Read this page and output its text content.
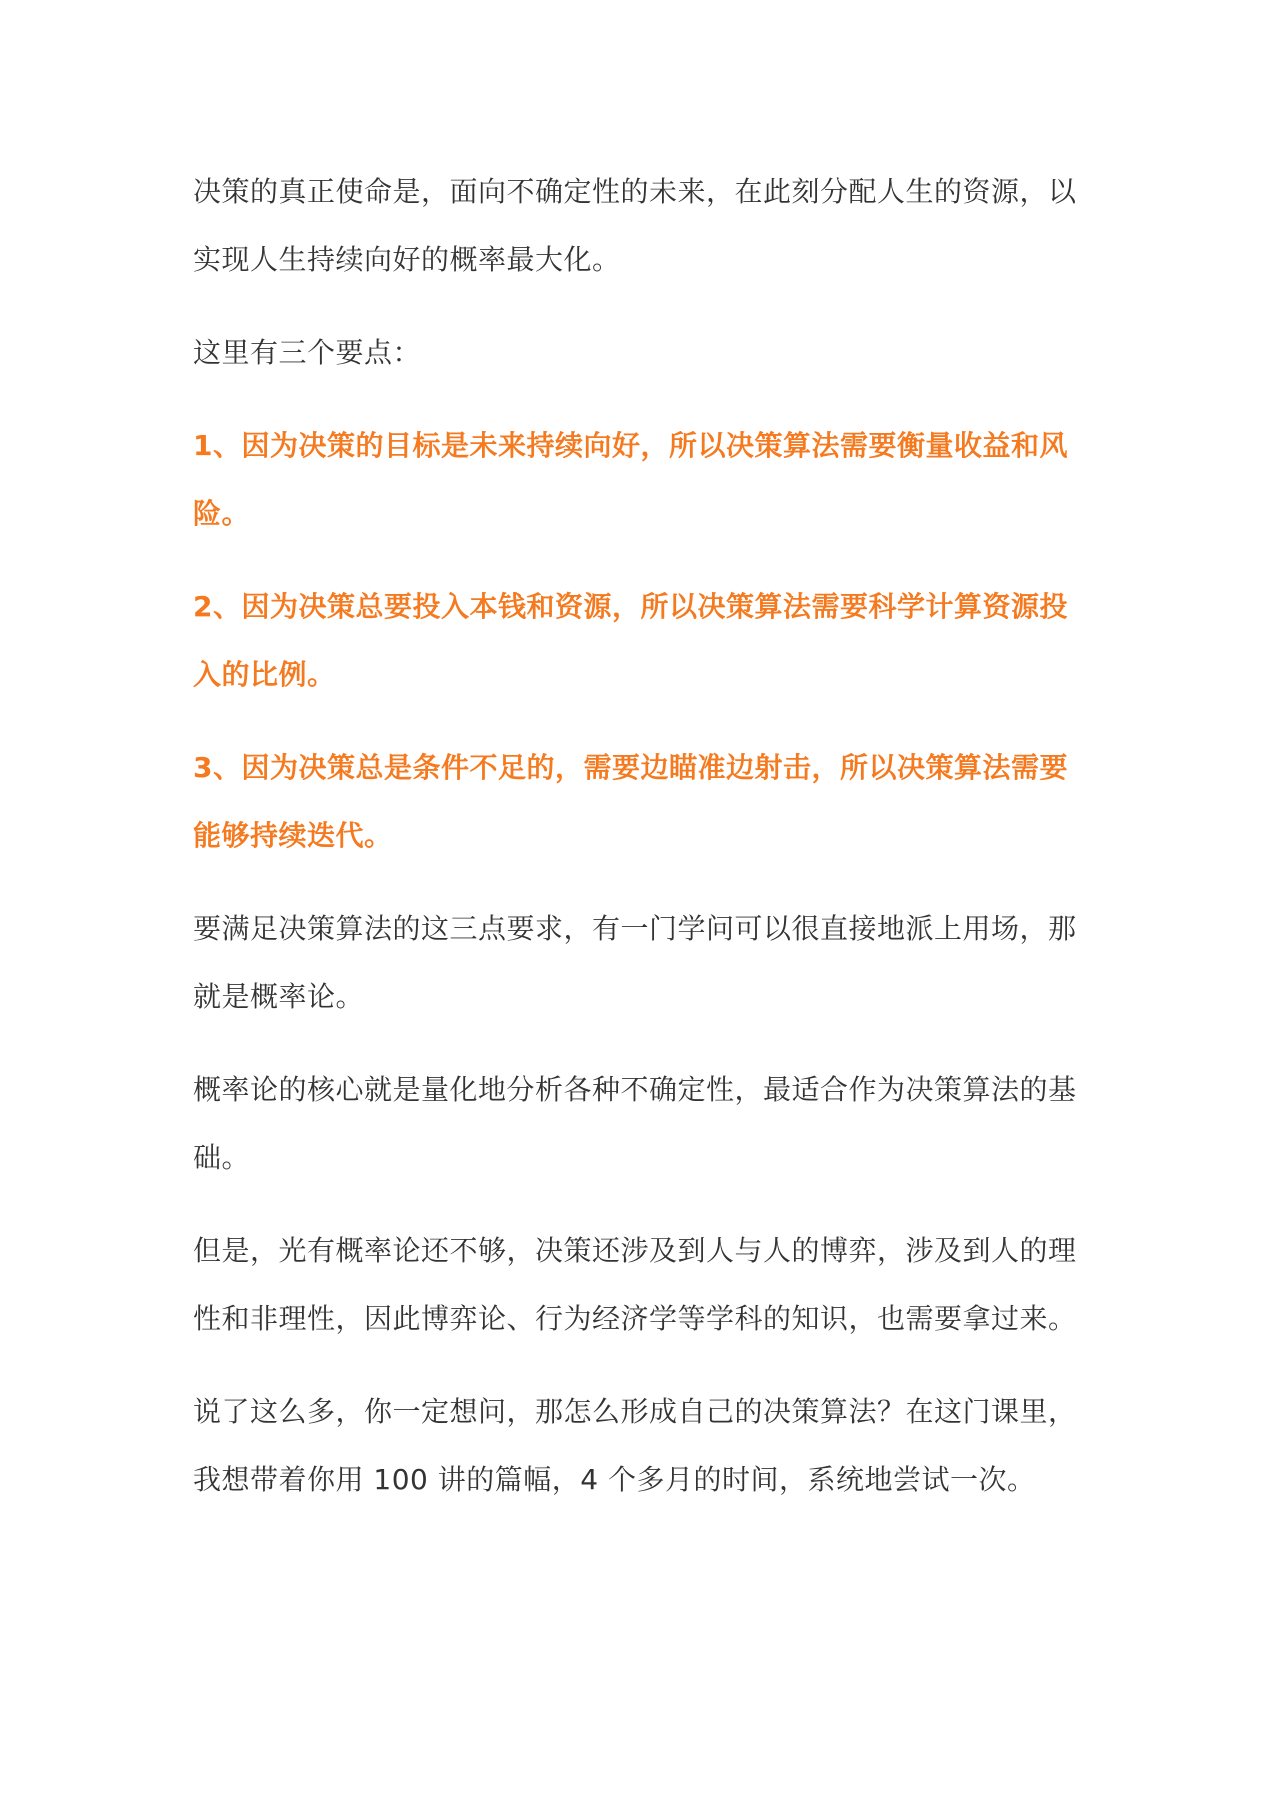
决策的真正使命是，面向不确定性的未来，在此刻分配人生的资源，以实现人生持续向好的概率最大化。

这里有三个要点：

1、因为决策的目标是未来持续向好，所以决策算法需要衡量收益和风险。

2、因为决策总要投入本钱和资源，所以决策算法需要科学计算资源投入的比例。

3、因为决策总是条件不足的，需要边瞄准边射击，所以决策算法需要能够持续迭代。

要满足决策算法的这三点要求，有一门学问可以很直接地派上用场，那就是概率论。

概率论的核心就是量化地分析各种不确定性，最适合作为决策算法的基础。

但是，光有概率论还不够，决策还涉及到人与人的博弈，涉及到人的理性和非理性，因此博弈论、行为经济学等学科的知识，也需要拿过来。

说了这么多，你一定想问，那怎么形成自己的决策算法？在这门课里，我想带着你用 100 讲的篇幅，4 个多月的时间，系统地尝试一次。
